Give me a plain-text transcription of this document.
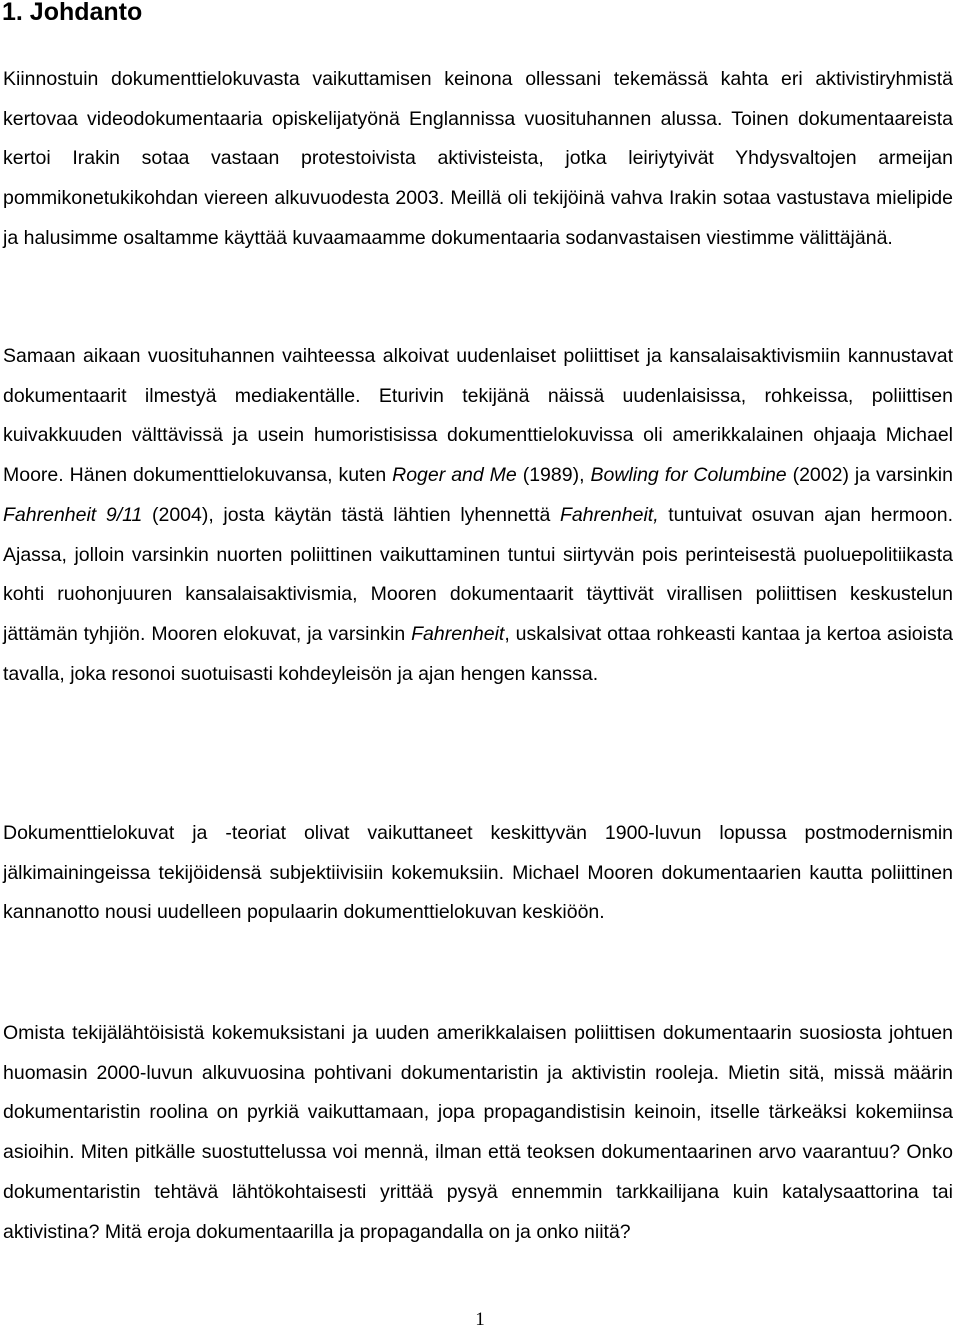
1. Johdanto

Kiinnostuin dokumenttielokuvasta vaikuttamisen keinona ollessani tekemässä kahta eri aktivistiryhmistä kertovaa videodokumentaaria opiskelijatyönä Englannissa vuosituhannen alussa. Toinen dokumentaareista kertoi Irakin sotaa vastaan protestoivista aktivisteista, jotka leiriytyivät Yhdysvaltojen armeijan pommikonetukikohdan viereen alkuvuodesta 2003. Meillä oli tekijöinä vahva Irakin sotaa vastustava mielipide ja halusimme osaltamme käyttää kuvaamaamme dokumentaaria sodanvastaisen viestimme välittäjänä.

Samaan aikaan vuosituhannen vaihteessa alkoivat uudenlaiset poliittiset ja kansalaisaktivismiin kannustavat dokumentaarit ilmestyä mediakentälle. Eturivin tekijänä näissä uudenlaisissa, rohkeissa, poliittisen kuivakkuuden välttävissä ja usein humoristisissa dokumenttielokuvissa oli amerikkalainen ohjaaja Michael Moore. Hänen dokumenttielokuvansa, kuten Roger and Me (1989), Bowling for Columbine (2002) ja varsinkin Fahrenheit 9/11 (2004), josta käytän tästä lähtien lyhennettä Fahrenheit, tuntuivat osuvan ajan hermoon. Ajassa, jolloin varsinkin nuorten poliittinen vaikuttaminen tuntui siirtyvän pois perinteisestä puoluepolitiikasta kohti ruohonjuuren kansalaisaktivismia, Mooren dokumentaarit täyttivät virallisen poliittisen keskustelun jättämän tyhjiön. Mooren elokuvat, ja varsinkin Fahrenheit, uskalsivat ottaa rohkeasti kantaa ja kertoa asioista tavalla, joka resonoi suotuisasti kohdeyleisön ja ajan hengen kanssa.

Dokumenttielokuvat ja -teoriat olivat vaikuttaneet keskittyvän 1900-luvun lopussa postmodernismin jälkimainingeissa tekijöidensä subjektiivisiin kokemuksiin. Michael Mooren dokumentaarien kautta poliittinen kannanotto nousi uudelleen populaarin dokumenttielokuvan keskiöön.

Omista tekijälähtöisistä kokemuksistani ja uuden amerikkalaisen poliittisen dokumentaarin suosiosta johtuen huomasin 2000-luvun alkuvuosina pohtivani dokumentaristin ja aktivistin rooleja. Mietin sitä, missä määrin dokumentaristin roolina on pyrkiä vaikuttamaan, jopa propagandistisin keinoin, itselle tärkeäksi kokemiinsa asioihin. Miten pitkälle suostuttelussa voi mennä, ilman että teoksen dokumentaarinen arvo vaarantuu? Onko dokumentaristin tehtävä lähtökohtaisesti yrittää pysyä ennemmin tarkkailijana kuin katalysaattorina tai aktivistina? Mitä eroja dokumentaarilla ja propagandalla on ja onko niitä?

1
